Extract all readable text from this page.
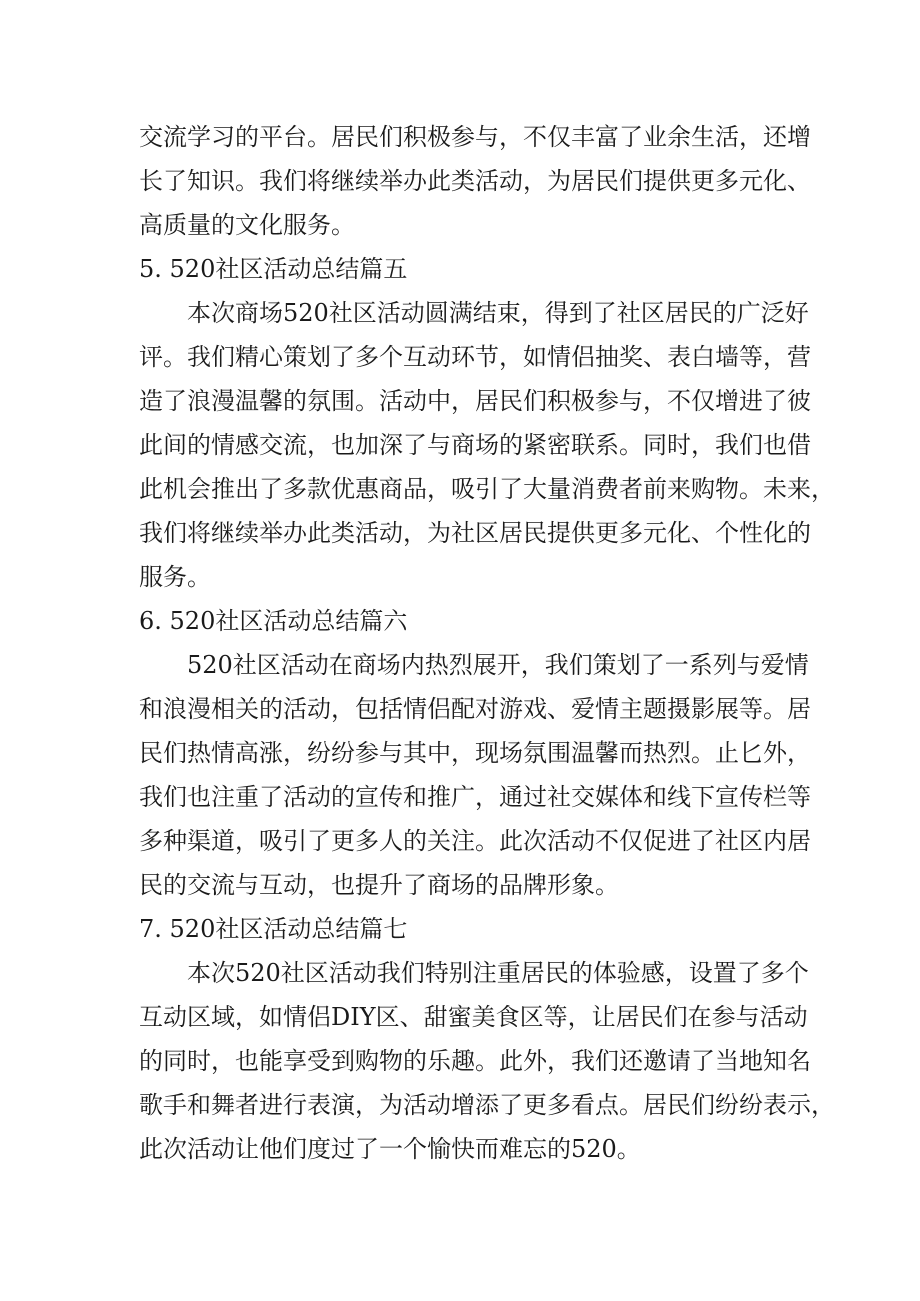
交流学习的平台。居民们积极参与，不仅丰富了业余生活，还增
长了知识。我们将继续举办此类活动，为居民们提供更多元化、
高质量的文化服务。
5. 520社区活动总结篇五
本次商场520社区活动圆满结束，得到了社区居民的广泛好
评。我们精心策划了多个互动环节，如情侣抽奖、表白墙等，营
造了浪漫温馨的氛围。活动中，居民们积极参与，不仅增进了彼
此间的情感交流，也加深了与商场的紧密联系。同时，我们也借
此机会推出了多款优惠商品，吸引了大量消费者前来购物。未来，
我们将继续举办此类活动，为社区居民提供更多元化、个性化的
服务。
6. 520社区活动总结篇六
520社区活动在商场内热烈展开，我们策划了一系列与爱情
和浪漫相关的活动，包括情侣配对游戏、爱情主题摄影展等。居
民们热情高涨，纷纷参与其中，现场氛围温馨而热烈。止匕外，
我们也注重了活动的宣传和推广，通过社交媒体和线下宣传栏等
多种渠道，吸引了更多人的关注。此次活动不仅促进了社区内居
民的交流与互动，也提升了商场的品牌形象。
7. 520社区活动总结篇七
本次520社区活动我们特别注重居民的体验感，设置了多个
互动区域，如情侣DIY区、甜蜜美食区等，让居民们在参与活动
的同时，也能享受到购物的乐趣。此外，我们还邀请了当地知名
歌手和舞者进行表演，为活动增添了更多看点。居民们纷纷表示，
此次活动让他们度过了一个愉快而难忘的520。
